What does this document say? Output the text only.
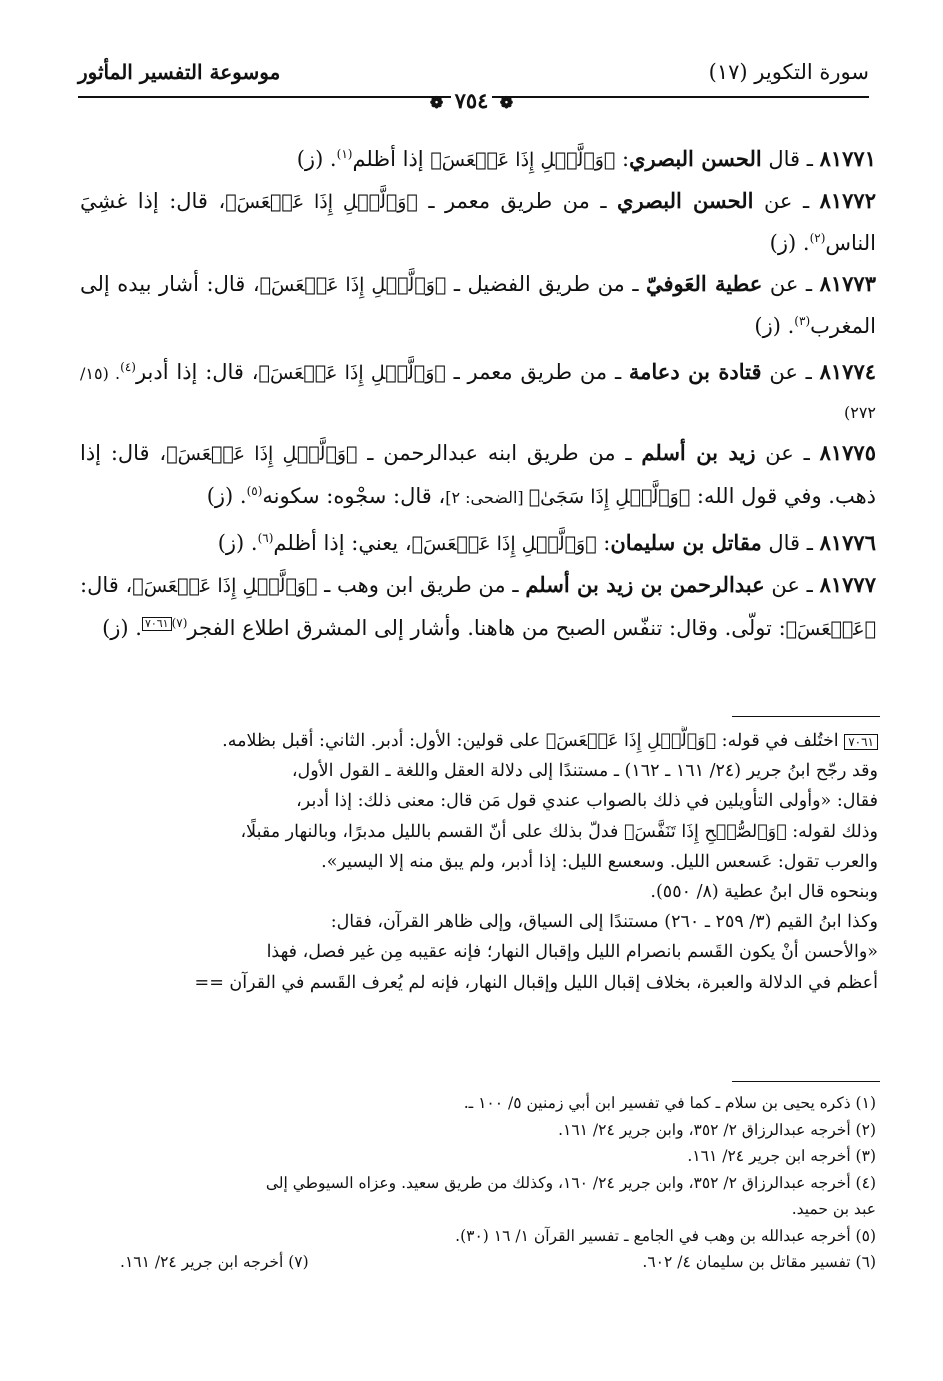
سورة التكوير (١٧)
موسوعة التفسير المأثور
❁ ٧٥٤ ❁

٨١٧٧١ ـ قال الحسن البصري: ﴿وَٱلَّيۡلِ إِذَا عَسۡعَسَ﴾ إذا أظلم$^{(١)}$. (ز)

٨١٧٧٢ ـ عن الحسن البصري ـ من طريق معمر ـ ﴿وَٱلَّيۡلِ إِذَا عَسۡعَسَ﴾، قال: إذا غشِيَ الناس$^{(٢)}$. (ز)

٨١٧٧٣ ـ عن عطية العَوفيّ ـ من طريق الفضيل ـ ﴿وَٱلَّيۡلِ إِذَا عَسۡعَسَ﴾، قال: أشار بيده إلى المغرب$^{(٣)}$. (ز)

٨١٧٧٤ ـ عن قتادة بن دعامة ـ من طريق معمر ـ ﴿وَٱلَّيۡلِ إِذَا عَسۡعَسَ﴾، قال: إذا أدبر$^{(٤)}$. (١٥/ ٢٧٢)

٨١٧٧٥ ـ عن زيد بن أسلم ـ من طريق ابنه عبدالرحمن ـ ﴿وَٱلَّيۡلِ إِذَا عَسۡعَسَ﴾، قال: إذا ذهب. وفي قول الله: ﴿وَٱلَّيۡلِ إِذَا سَجَىٰ﴾ [الضحى: ٢]، قال: سجْوه: سكونه$^{(٥)}$. (ز)

٨١٧٧٦ ـ قال مقاتل بن سليمان: ﴿وَٱلَّيۡلِ إِذَا عَسۡعَسَ﴾، يعني: إذا أظلم$^{(٦)}$. (ز)

٨١٧٧٧ ـ عن عبدالرحمن بن زيد بن أسلم ـ من طريق ابن وهب ـ ﴿وَٱلَّيۡلِ إِذَا عَسۡعَسَ﴾، قال: ﴿عَسۡعَسَ﴾: تولّى. وقال: تنفّس الصبح من هاهنا. وأشار إلى المشرق اطلاع الفجر$^{(٧)}$٧٠٦١. (ز)

٧٠٦١ اختُلف في قوله: ﴿وَٱلَّيۡلِ إِذَا عَسۡعَسَ﴾ على قولين: الأول: أدبر. الثاني: أقبل بظلامه.
وقد رجّح ابنُ جرير (٢٤/ ١٦١ ـ ١٦٢) ـ مستندًا إلى دلالة العقل واللغة ـ القول الأول،
فقال: «وأولى التأويلين في ذلك بالصواب عندي قول مَن قال: معنى ذلك: إذا أدبر،
وذلك لقوله: ﴿وَٱلصُّبۡحِ إِذَا تَنَفَّسَ﴾ فدلّ بذلك على أنّ القسم بالليل مدبرًا، وبالنهار مقبلًا،
والعرب تقول: عَسعس الليل. وسعسع الليل: إذا أدبر، ولم يبق منه إلا اليسير».
وبنحوه قال ابنُ عطية (٨/ ٥٥٠).
وكذا ابنُ القيم (٣/ ٢٥٩ ـ ٢٦٠) مستندًا إلى السياق، وإلى ظاهر القرآن، فقال:
«والأحسن أنْ يكون القَسم بانصرام الليل وإقبال النهار؛ فإنه عقيبه مِن غير فصل، فهذا
أعظم في الدلالة والعبرة، بخلاف إقبال الليل وإقبال النهار، فإنه لم يُعرف القَسم في القرآن ==
(١) ذكره يحيى بن سلام ـ كما في تفسير ابن أبي زمنين ٥/ ١٠٠ ـ.
(٢) أخرجه عبدالرزاق ٢/ ٣٥٢، وابن جرير ٢٤/ ١٦١.
(٣) أخرجه ابن جرير ٢٤/ ١٦١.
(٤) أخرجه عبدالرزاق ٢/ ٣٥٢، وابن جرير ٢٤/ ١٦٠، وكذلك من طريق سعيد. وعزاه السيوطي إلى
عبد بن حميد.
(٥) أخرجه عبدالله بن وهب في الجامع ـ تفسير القرآن ١/ ١٦ (٣٠).
(٦) تفسير مقاتل بن سليمان ٤/ ٦٠٢.
(٧) أخرجه ابن جرير ٢٤/ ١٦١.
